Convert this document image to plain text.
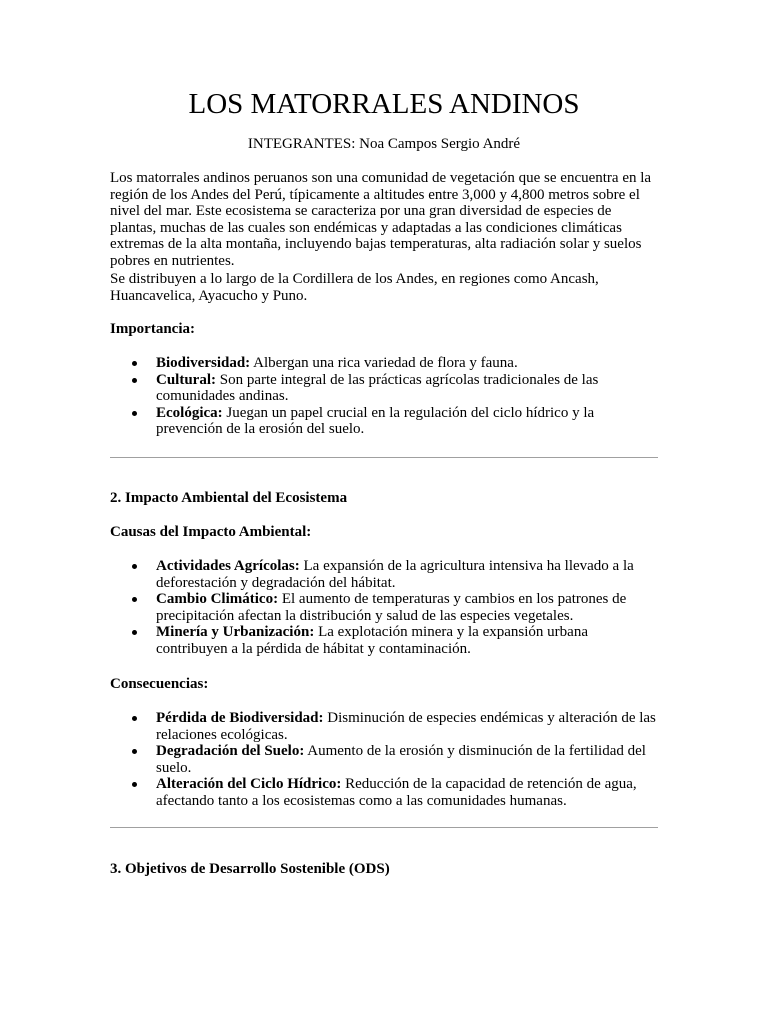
LOS MATORRALES ANDINOS

INTEGRANTES: Noa Campos Sergio André

Los matorrales andinos peruanos son una comunidad de vegetación que se encuentra en la región de los Andes del Perú, típicamente a altitudes entre 3,000 y 4,800 metros sobre el nivel del mar. Este ecosistema se caracteriza por una gran diversidad de especies de plantas, muchas de las cuales son endémicas y adaptadas a las condiciones climáticas extremas de la alta montaña, incluyendo bajas temperaturas, alta radiación solar y suelos pobres en nutrientes.

Se distribuyen a lo largo de la Cordillera de los Andes, en regiones como Ancash, Huancavelica, Ayacucho y Puno.

Importancia:

Biodiversidad: Albergan una rica variedad de flora y fauna.
Cultural: Son parte integral de las prácticas agrícolas tradicionales de las comunidades andinas.
Ecológica: Juegan un papel crucial en la regulación del ciclo hídrico y la prevención de la erosión del suelo.

2. Impacto Ambiental del Ecosistema

Causas del Impacto Ambiental:

Actividades Agrícolas: La expansión de la agricultura intensiva ha llevado a la deforestación y degradación del hábitat.
Cambio Climático: El aumento de temperaturas y cambios en los patrones de precipitación afectan la distribución y salud de las especies vegetales.
Minería y Urbanización: La explotación minera y la expansión urbana contribuyen a la pérdida de hábitat y contaminación.

Consecuencias:

Pérdida de Biodiversidad: Disminución de especies endémicas y alteración de las relaciones ecológicas.
Degradación del Suelo: Aumento de la erosión y disminución de la fertilidad del suelo.
Alteración del Ciclo Hídrico: Reducción de la capacidad de retención de agua, afectando tanto a los ecosistemas como a las comunidades humanas.

3. Objetivos de Desarrollo Sostenible (ODS)
